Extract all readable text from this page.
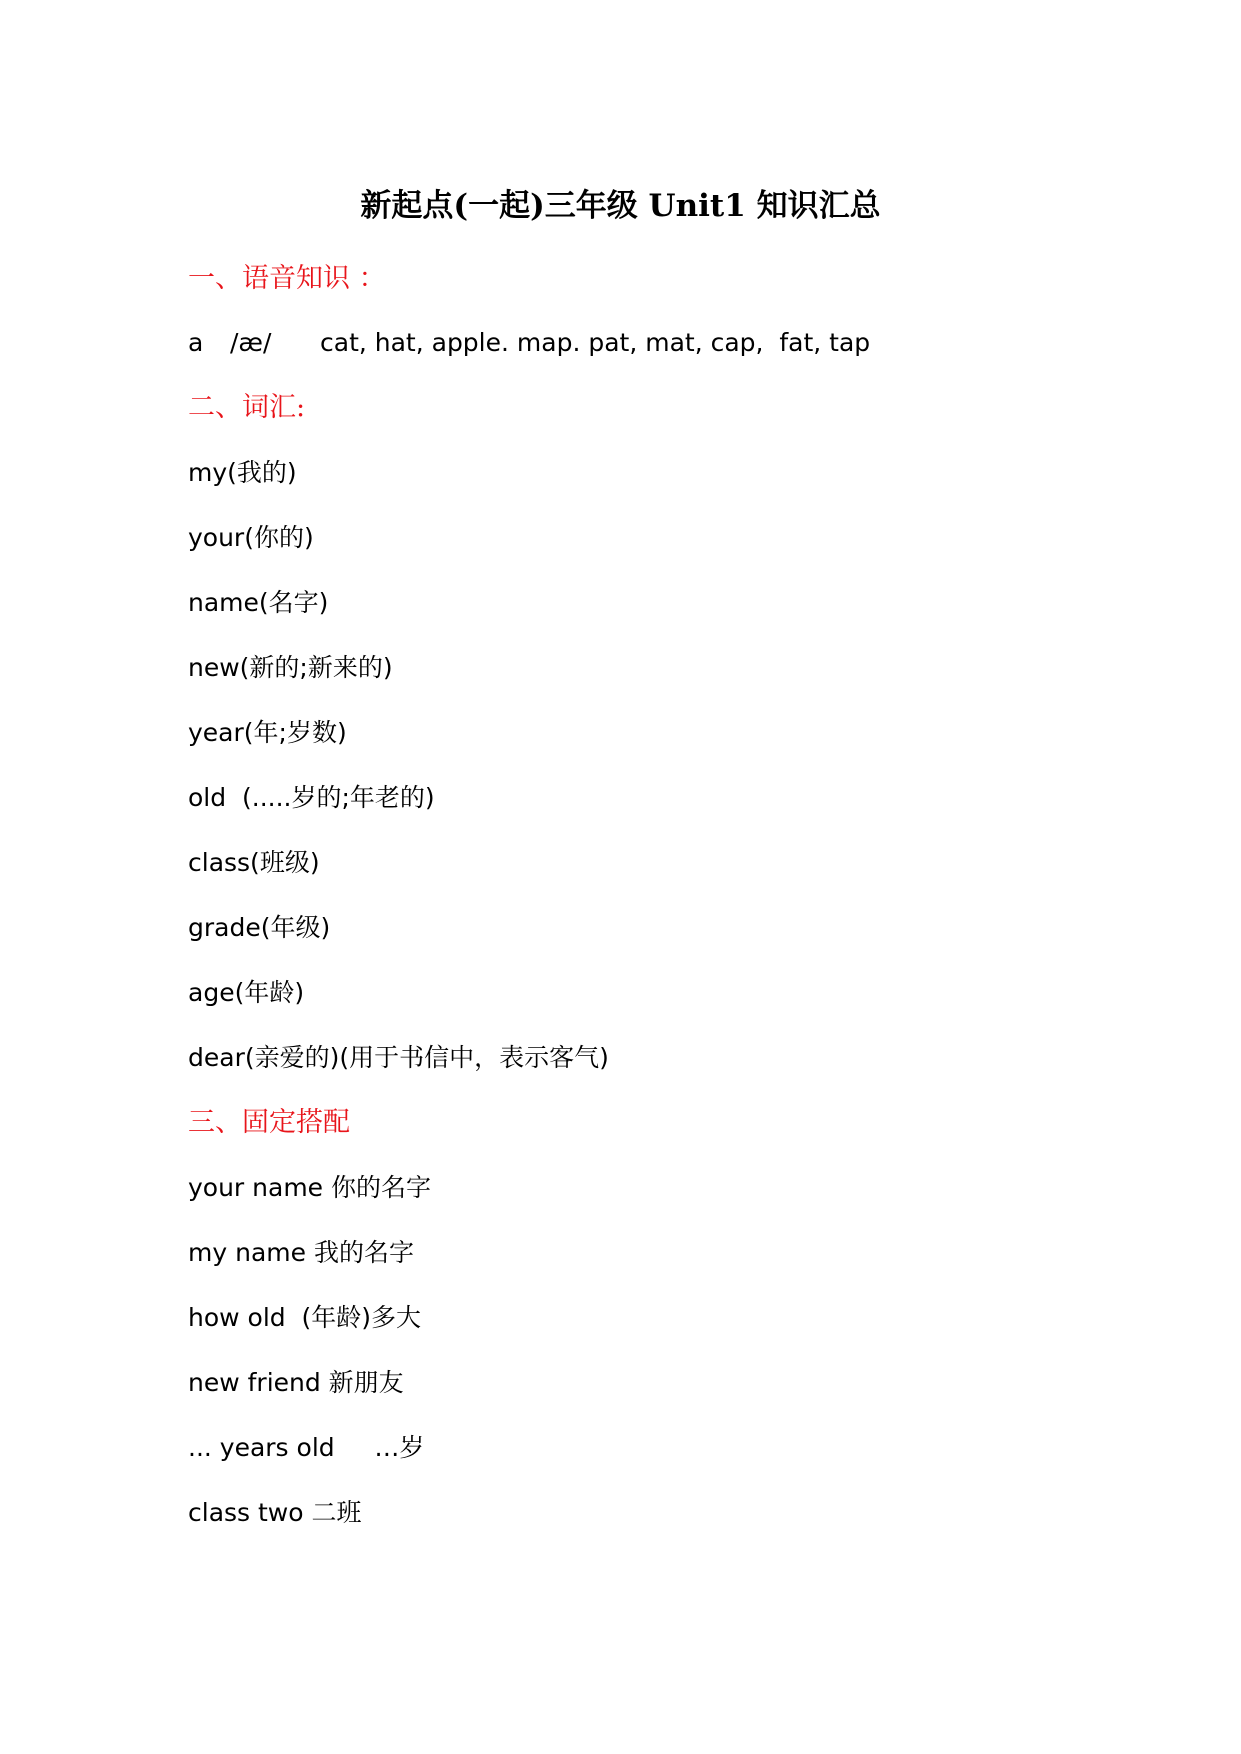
新起点(一起)三年级 Unit1 知识汇总

一、语音知识 ：

a /æ/ cat, hat, apple. map. pat, mat, cap,  fat, tap

二、词汇:

my(我的)

your(你的)

name(名字)

new(新的;新来的)

year(年;岁数)

old  (.....岁的;年老的)

class(班级)

grade(年级)

age(年龄)

dear(亲爱的)(用于书信中，表示客气)

三、固定搭配

your name 你的名字

my name 我的名字

how old  (年龄)多大

new friend 新朋友

... years old     …岁

class two 二班
